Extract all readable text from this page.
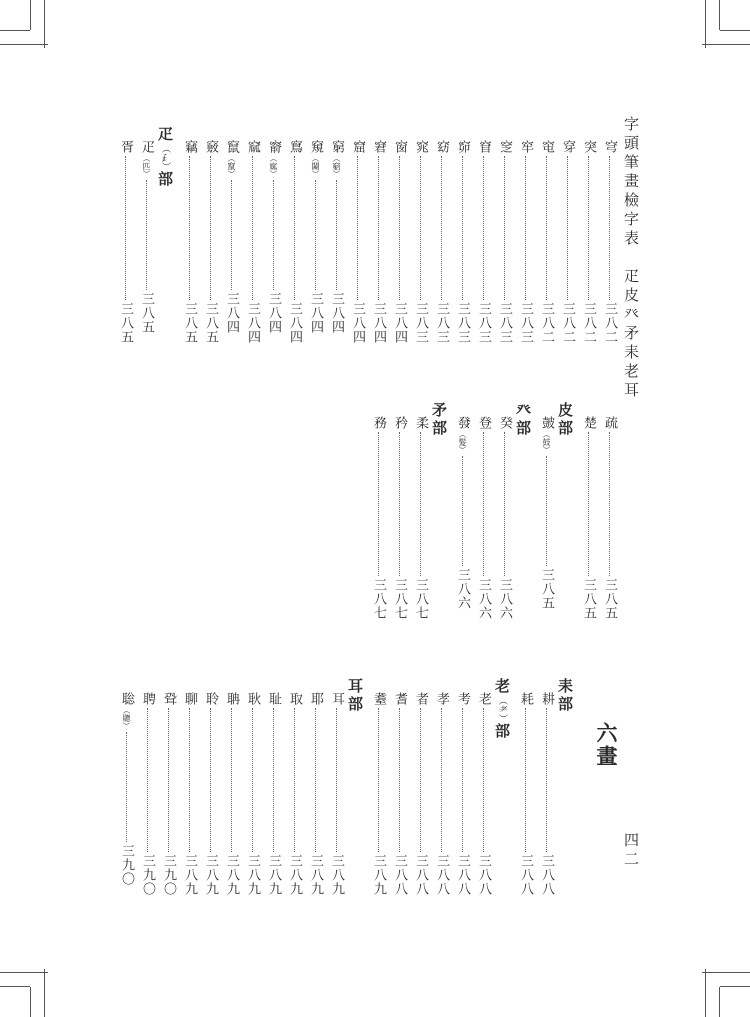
字頭筆畫檢字表　疋皮癶矛耒老耳
四二
六畫
穹三八二
突三八二
穿三八二
窀三八二
窂三八三
窆三八三
窅三八三
窌三八三
窈三八三
窕三八三
窗三八四
窘三八四
窟三八四
窮（竆）三八四
窺（闚）三八四
窵三八四
窬（寙）三八四
窳三八四
竄（竄）三八四
竅三八五
竊三八五
疋（⺪）部
疋（匹）三八五
胥三八五
疏三八五
楚三八五
皮部
皷（鼓）三八五
癶部
癸三八六
登三八六
發（髮）三八六
矛部
柔三八七
矜三八七
務三八七
耒部
耕三八八
耗三八八
老（⺹）部
老三八八
考三八八
孝三八八
者三八八
耆三八八
耋三八九
耳部
耳三八九
耶三八九
取三八九
耻三八九
耿三八九
聃三八九
聆三八九
聊三八九
聓三九〇
聘三九〇
聡（聰）三九〇
